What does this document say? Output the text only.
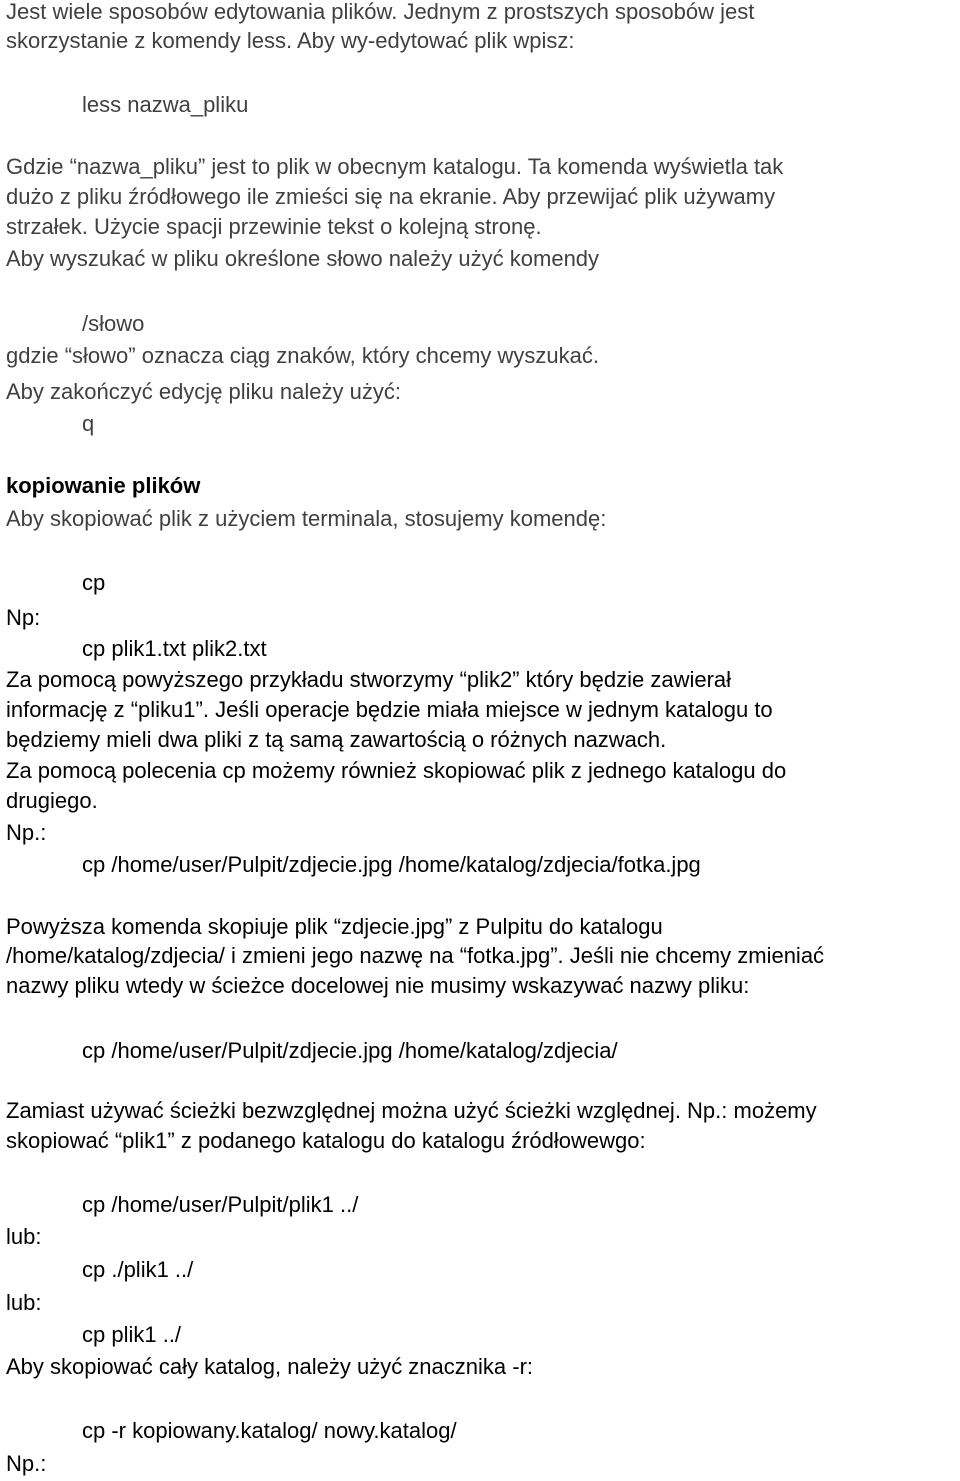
Jest wiele sposobów edytowania plików. Jednym z prostszych sposobów jest
skorzystanie z komendy less. Aby wy-edytować plik wpisz:
less nazwa_pliku
Gdzie “nazwa_pliku” jest to plik w obecnym katalogu. Ta komenda wyświetla tak
dużo z pliku źródłowego ile zmieści się na ekranie. Aby przewijać plik używamy
strzałek. Użycie spacji przewinie tekst o kolejną stronę.
Aby wyszukać w pliku określone słowo należy użyć komendy
/słowo
gdzie “słowo” oznacza ciąg znaków, który chcemy wyszukać.
Aby zakończyć edycję pliku należy użyć:
q
kopiowanie plików
Aby skopiować plik z użyciem terminala, stosujemy komendę:
cp
Np:
cp plik1.txt plik2.txt
Za pomocą powyższego przykładu stworzymy “plik2” który będzie zawierał
informację z “pliku1”. Jeśli operacje będzie miała miejsce w jednym katalogu to
będziemy mieli dwa pliki z tą samą zawartością o różnych nazwach.
Za pomocą polecenia cp możemy również skopiować plik z jednego katalogu do
drugiego.
Np.:
cp /home/user/Pulpit/zdjecie.jpg /home/katalog/zdjecia/fotka.jpg
Powyższa komenda skopiuje plik “zdjecie.jpg” z Pulpitu do katalogu
/home/katalog/zdjecia/ i zmieni jego nazwę na “fotka.jpg”. Jeśli nie chcemy zmieniać
nazwy pliku wtedy w ścieżce docelowej nie musimy wskazywać nazwy pliku:
cp /home/user/Pulpit/zdjecie.jpg /home/katalog/zdjecia/
Zamiast używać ścieżki bezwzględnej można użyć ścieżki względnej. Np.: możemy
skopiować “plik1” z podanego katalogu do katalogu źródłowewgo:
cp /home/user/Pulpit/plik1 ../
lub:
cp ./plik1 ../
lub:
cp plik1 ../
Aby skopiować cały katalog, należy użyć znacznika -r:
cp -r kopiowany.katalog/ nowy.katalog/
Np.:
